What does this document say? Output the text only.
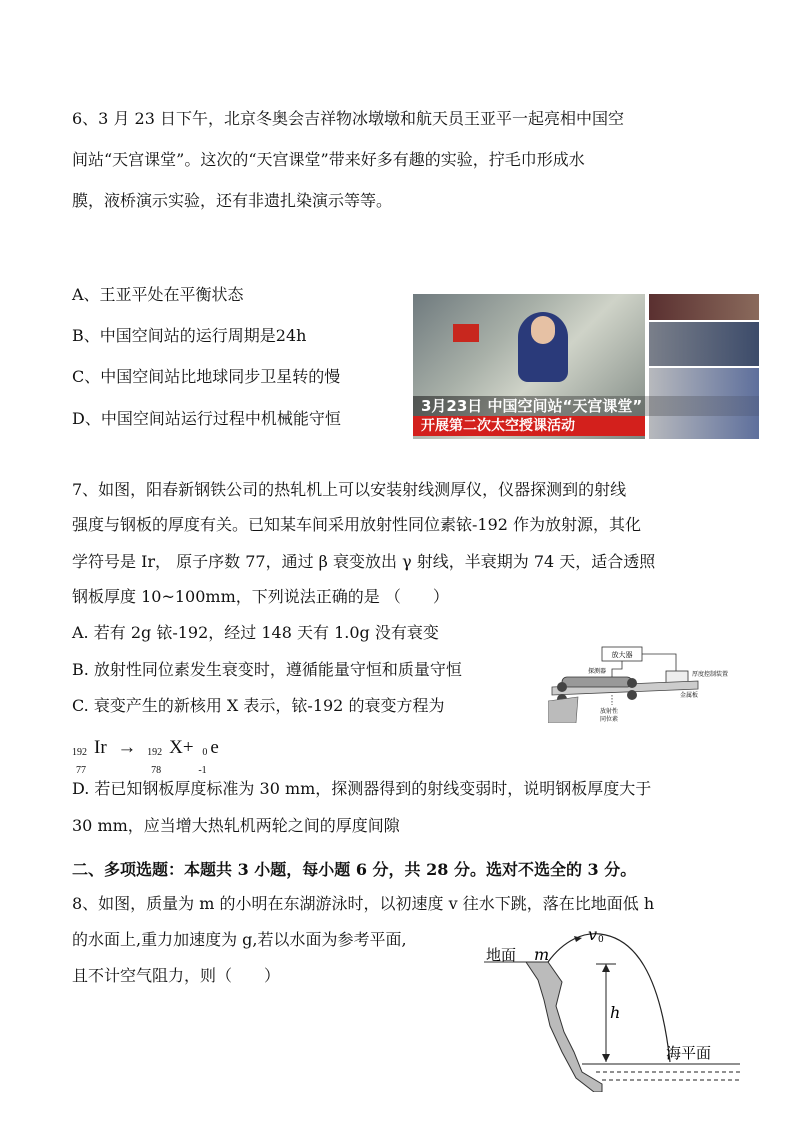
6、3 月 23 日下午，北京冬奥会吉祥物冰墩墩和航天员王亚平一起亮相中国空
间站“天宫课堂”。这次的“天宫课堂”带来好多有趣的实验，拧毛巾形成水
膜，液桥演示实验，还有非遗扎染演示等等。
A、王亚平处在平衡状态
B、中国空间站的运行周期是24h
C、中国空间站比地球同步卫星转的慢
D、中国空间站运行过程中机械能守恒
3月23日 中国空间站“天宫课堂”
开展第二次太空授课活动
7、如图，阳春新钢铁公司的热轧机上可以安装射线测厚仪，仪器探测到的射线
强度与钢板的厚度有关。已知某车间采用放射性同位素铱-192 作为放射源，其化
学符号是 Ir， 原子序数 77，通过 β 衰变放出 γ 射线，半衰期为 74 天，适合透照
钢板厚度 10~100mm，下列说法正确的是 （　　）
A. 若有 2g 铱-192，经过 148 天有 1.0g 没有衰变
B. 放射性同位素发生衰变时，遵循能量守恒和质量守恒
C. 衰变产生的新核用 X 表示，铱-192 的衰变方程为
放大器
厚度控制装置
探测器
金属板
放射性
同位素
192
77
Ir → 192
78
X+ 0
-1
e
D. 若已知钢板厚度标准为 30 mm，探测器得到的射线变弱时，说明钢板厚度大于
30 mm，应当增大热轧机两轮之间的厚度间隙
二、多项选题：本题共 3 小题，每小题 6 分，共 28 分。选对不选全的 3 分。
8、如图，质量为 m 的小明在东湖游泳时，以初速度 v 往水下跳，落在比地面低 h
的水面上,重力加速度为 g,若以水面为参考平面,
且不计空气阻力，则（　　）
地面 m
v 0
h
海平面
